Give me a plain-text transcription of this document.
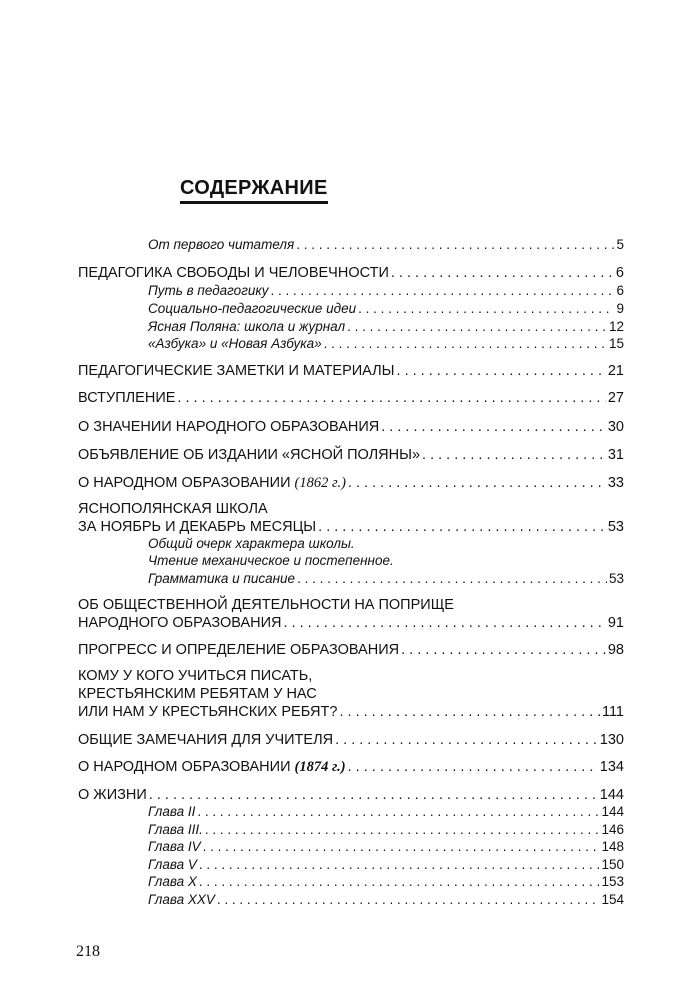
СОДЕРЖАНИЕ
От первого читателя . . .	5
ПЕДАГОГИКА СВОБОДЫ И ЧЕЛОВЕЧНОСТИ . . .	6
Путь в педагогику . . .	6
Социально-педагогические идеи . . .	9
Ясная Поляна: школа и журнал . . .	12
«Азбука» и «Новая Азбука» . . .	15
ПЕДАГОГИЧЕСКИЕ ЗАМЕТКИ И МАТЕРИАЛЫ . . .	21
ВСТУПЛЕНИЕ . . .	27
О ЗНАЧЕНИИ НАРОДНОГО ОБРАЗОВАНИЯ . . .	30
ОБЪЯВЛЕНИЕ ОБ ИЗДАНИИ «ЯСНОЙ ПОЛЯНЫ» . . .	31
О НАРОДНОМ ОБРАЗОВАНИИ (1862 г.) . . .	33
ЯСНОПОЛЯНСКАЯ ШКОЛА
ЗА НОЯБРЬ И ДЕКАБРЬ МЕСЯЦЫ . . .	53
Общий очерк характера школы.
Чтение механическое и постепенное.
Грамматика и писание . . .	53
ОБ ОБЩЕСТВЕННОЙ ДЕЯТЕЛЬНОСТИ НА ПОПРИЩЕ
НАРОДНОГО ОБРАЗОВАНИЯ . . .	91
ПРОГРЕСС И ОПРЕДЕЛЕНИЕ ОБРАЗОВАНИЯ . . .	98
КОМУ У КОГО УЧИТЬСЯ ПИСАТЬ,
КРЕСТЬЯНСКИМ РЕБЯТАМ У НАС
ИЛИ НАМ У КРЕСТЬЯНСКИХ РЕБЯТ? . . .	111
ОБЩИЕ ЗАМЕЧАНИЯ ДЛЯ УЧИТЕЛЯ . . .	130
О НАРОДНОМ ОБРАЗОВАНИИ (1874 г.) . . .	134
О ЖИЗНИ . . .	144
Глава II . . .	144
Глава III. . . .	146
Глава IV . . .	148
Глава V . . .	150
Глава X . . .	153
Глава XXV . . .	154
218
